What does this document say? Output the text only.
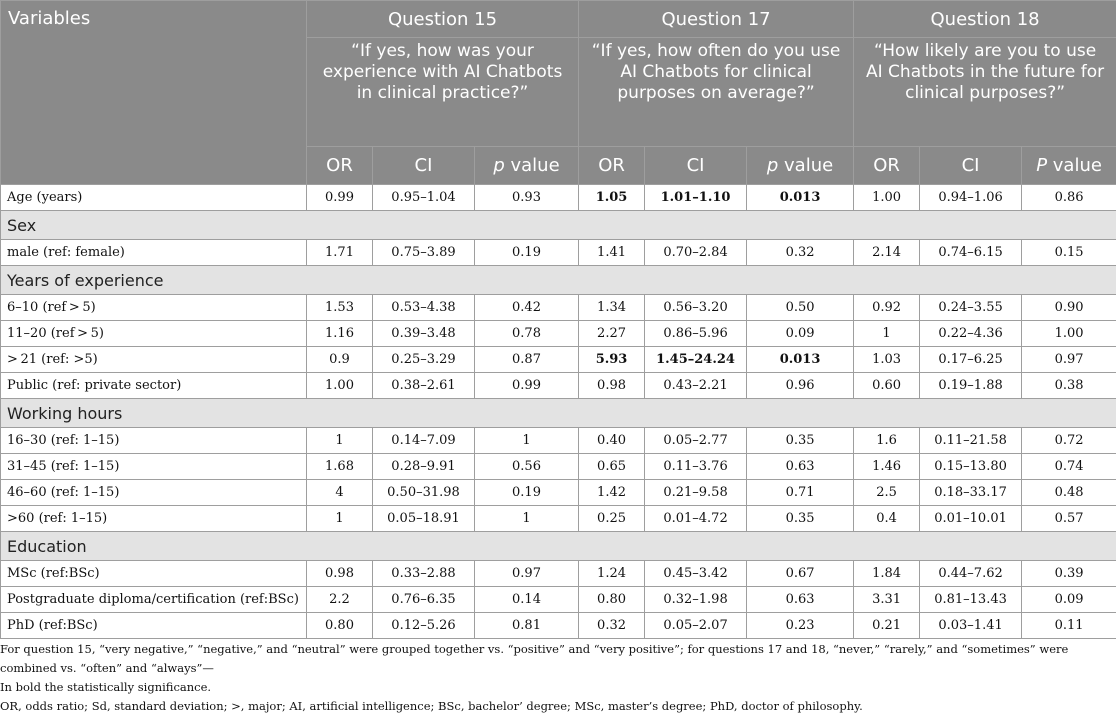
Variables	Question 15			Question 17			Question 18		
	“If yes, how was your experience with AI Chatbots in clinical practice?”			“If yes, how often do you use AI Chatbots for clinical purposes on average?”			“How likely are you to use AI Chatbots in the future for clinical purposes?”		
	OR	CI	p value	OR	CI	p value	OR	CI	P value
Age (years)	0.99	0.95–1.04	0.93	1.05	1.01–1.10	0.013	1.00	0.94–1.06	0.86
Sex									
male (ref: female)	1.71	0.75–3.89	0.19	1.41	0.70–2.84	0.32	2.14	0.74–6.15	0.15
Years of experience									
6–10 (ref > 5)	1.53	0.53–4.38	0.42	1.34	0.56–3.20	0.50	0.92	0.24–3.55	0.90
11–20 (ref > 5)	1.16	0.39–3.48	0.78	2.27	0.86–5.96	0.09	1	0.22–4.36	1.00
> 21 (ref: >5)	0.9	0.25–3.29	0.87	5.93	1.45–24.24	0.013	1.03	0.17–6.25	0.97
Public (ref: private sector)	1.00	0.38–2.61	0.99	0.98	0.43–2.21	0.96	0.60	0.19–1.88	0.38
Working hours									
16–30 (ref: 1–15)	1	0.14–7.09	1	0.40	0.05–2.77	0.35	1.6	0.11–21.58	0.72
31–45 (ref: 1–15)	1.68	0.28–9.91	0.56	0.65	0.11–3.76	0.63	1.46	0.15–13.80	0.74
46–60 (ref: 1–15)	4	0.50–31.98	0.19	1.42	0.21–9.58	0.71	2.5	0.18–33.17	0.48
>60 (ref: 1–15)	1	0.05–18.91	1	0.25	0.01–4.72	0.35	0.4	0.01–10.01	0.57
Education									
MSc (ref:BSc)	0.98	0.33–2.88	0.97	1.24	0.45–3.42	0.67	1.84	0.44–7.62	0.39
Postgraduate diploma/certification (ref:BSc)	2.2	0.76–6.35	0.14	0.80	0.32–1.98	0.63	3.31	0.81–13.43	0.09
PhD (ref:BSc)	0.80	0.12–5.26	0.81	0.32	0.05–2.07	0.23	0.21	0.03–1.41	0.11

For question 15, “very negative,” “negative,” and “neutral” were grouped together vs. “positive” and “very positive”; for questions 17 and 18, “never,” “rarely,” and “sometimes” were combined vs. “often” and “always”—

In bold the statistically significance.

OR, odds ratio; Sd, standard deviation; >, major; AI, artificial intelligence; BSc, bachelor’ degree; MSc, master’s degree; PhD, doctor of philosophy.
